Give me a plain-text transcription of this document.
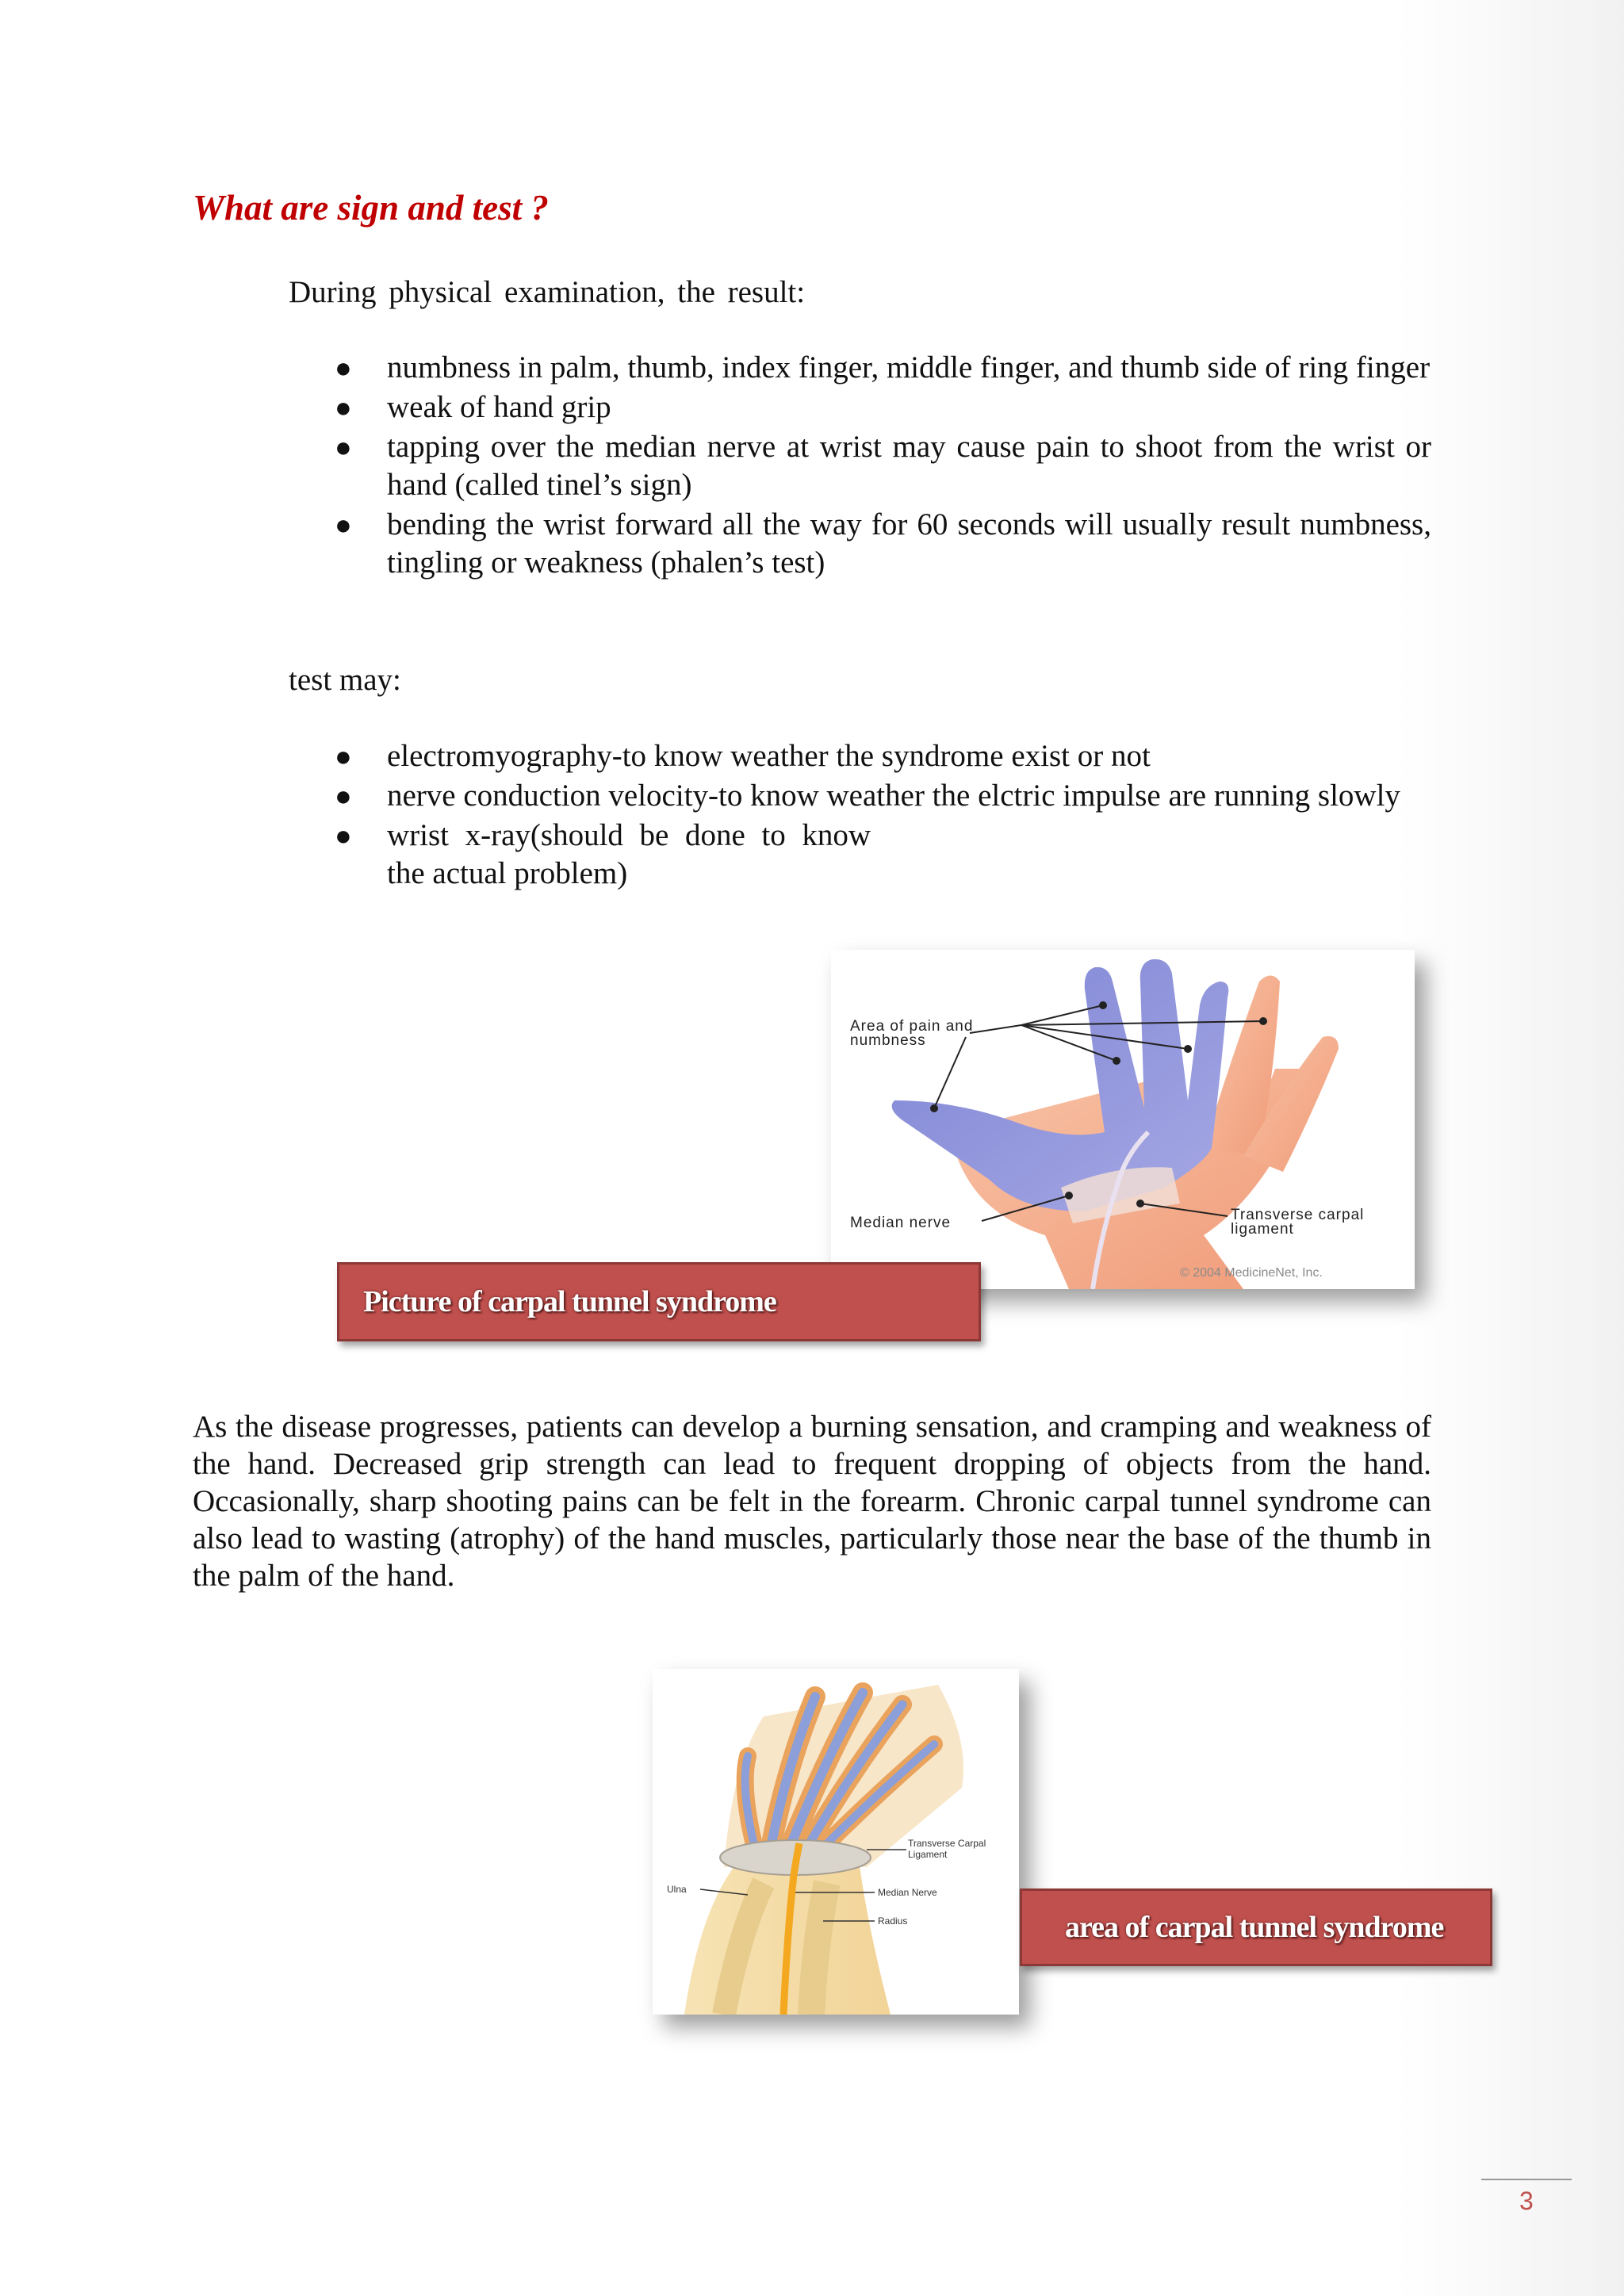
What are sign and test ?
During physical examination, the result:
● numbness in palm, thumb, index finger, middle finger, and thumb side of ring finger
● weak of hand grip
● tapping over the median nerve at wrist may cause pain to shoot from the wrist or hand (called tinel’s sign)
● bending the wrist forward all the way for 60 seconds will usually result numbness, tingling or weakness (phalen’s test)
test may:
● electromyography-to know weather the syndrome exist or not
● nerve conduction velocity-to know weather the elctric impulse are running slowly
● wrist x-ray(should be done to know the actual problem)
Area of pain and
numbness
Median nerve	Transverse carpal
ligament
© 2004 MedicineNet, Inc.
Picture of carpal tunnel syndrome

As the disease progresses, patients can develop a burning sensation, and cramping and weakness of the hand. Decreased grip strength can lead to frequent dropping of objects from the hand. Occasionally, sharp shooting pains can be felt in the forearm. Chronic carpal tunnel syndrome can also lead to wasting (atrophy) of the hand muscles, particularly those near the base of the thumb in the palm of the hand.

Transverse Carpal
Ligament
Ulna	Median Nerve
Radius	area of carpal tunnel syndrome
3
